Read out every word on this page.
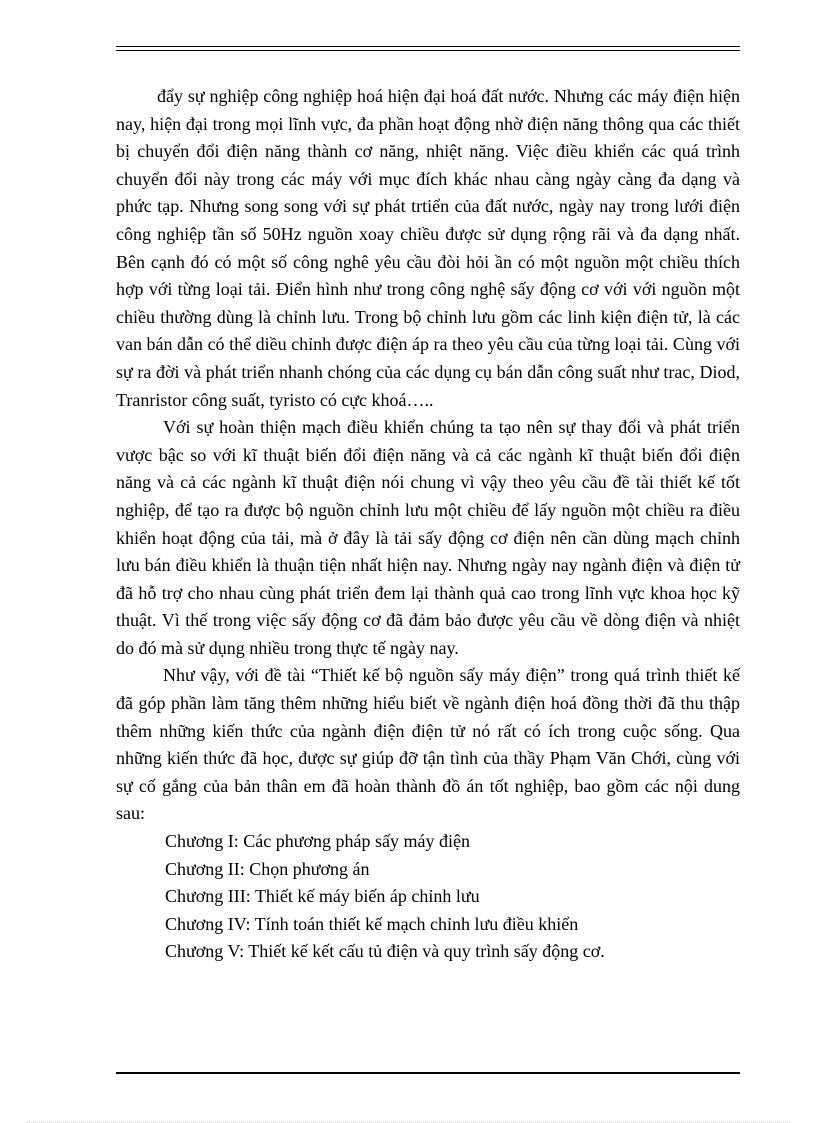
đẩy sự nghiệp công nghiệp hoá hiện đại hoá đất nước. Nhưng các máy điện hiện nay, hiện đại trong mọi lĩnh vực, đa phần hoạt động nhờ điện năng thông qua các thiết bị chuyển đổi điện năng thành cơ năng, nhiệt năng. Việc điều khiển các quá trình chuyển đổi này trong các máy với mục đích khác nhau càng ngày càng đa dạng và phức tạp. Nhưng song song với sự phát trtiển của đất nước, ngày nay trong lưới điện công nghiệp tần số 50Hz nguồn xoay chiều được sử dụng rộng rãi và đa dạng nhất. Bên cạnh đó có một số công nghê yêu cầu đòi hỏi ần có một nguồn một chiều thích hợp với từng loại tải. Điển hình như trong công nghệ sấy động cơ với với nguồn một chiều thường dùng là chỉnh lưu. Trong bộ chỉnh lưu gồm các linh kiện điện tử, là các van bán dẫn có thể diều chỉnh được điện áp ra theo yêu cầu của từng loại tải. Cùng với sự ra đời và phát triển nhanh chóng của các dụng cụ bán dẫn công suất như trac, Diod, Tranristor công suất, tyristo có cực khoá…..

Với sự hoàn thiện mạch điều khiển chúng ta tạo nên sự thay đổi và phát triển vược bậc so với kĩ thuật biến đổi điện năng và cả các ngành kĩ thuật biến đổi điện năng và cả các ngành kĩ thuật điện nói chung vì vậy theo yêu cầu đề tài thiết kế tốt nghiệp, để tạo ra được bộ nguồn chỉnh lưu một chiều để lấy nguồn một chiều ra điều khiển hoạt động của tải, mà ở đây là tải sấy động cơ điện nên cần dùng mạch chỉnh lưu bán điều khiển là thuận tiện nhất hiện nay. Nhưng ngày nay ngành điện và điện tử đã hỗ trợ cho nhau cùng phát triển đem lại thành quả cao trong lĩnh vực khoa học kỹ thuật. Vì thế trong việc sấy động cơ đã đảm bảo được yêu cầu về dòng điện và nhiệt do đó mà sử dụng nhiều trong thực tế ngày nay.

Như vậy, với đề tài “Thiết kế bộ nguồn sấy máy điện” trong quá trình thiết kế đã góp phần làm tăng thêm những hiểu biết về ngành điện hoá đồng thời đã thu thập thêm những kiến thức của ngành điện điện tử nó rất có ích trong cuộc sống. Qua những kiến thức đã học, được sự giúp đỡ tận tình của thầy Phạm Văn Chới, cùng với sự cố gắng của bản thân em đã hoàn thành đồ án tốt nghiệp, bao gồm các nội dung sau:

Chương I: Các phương pháp sấy máy điện
Chương II: Chọn phương án
Chương III: Thiết kế máy biến áp chỉnh lưu
Chương IV: Tính toán thiết kế mạch chỉnh lưu điều khiển
Chương V: Thiết kế kết cấu tủ điện và quy trình sấy động cơ.
